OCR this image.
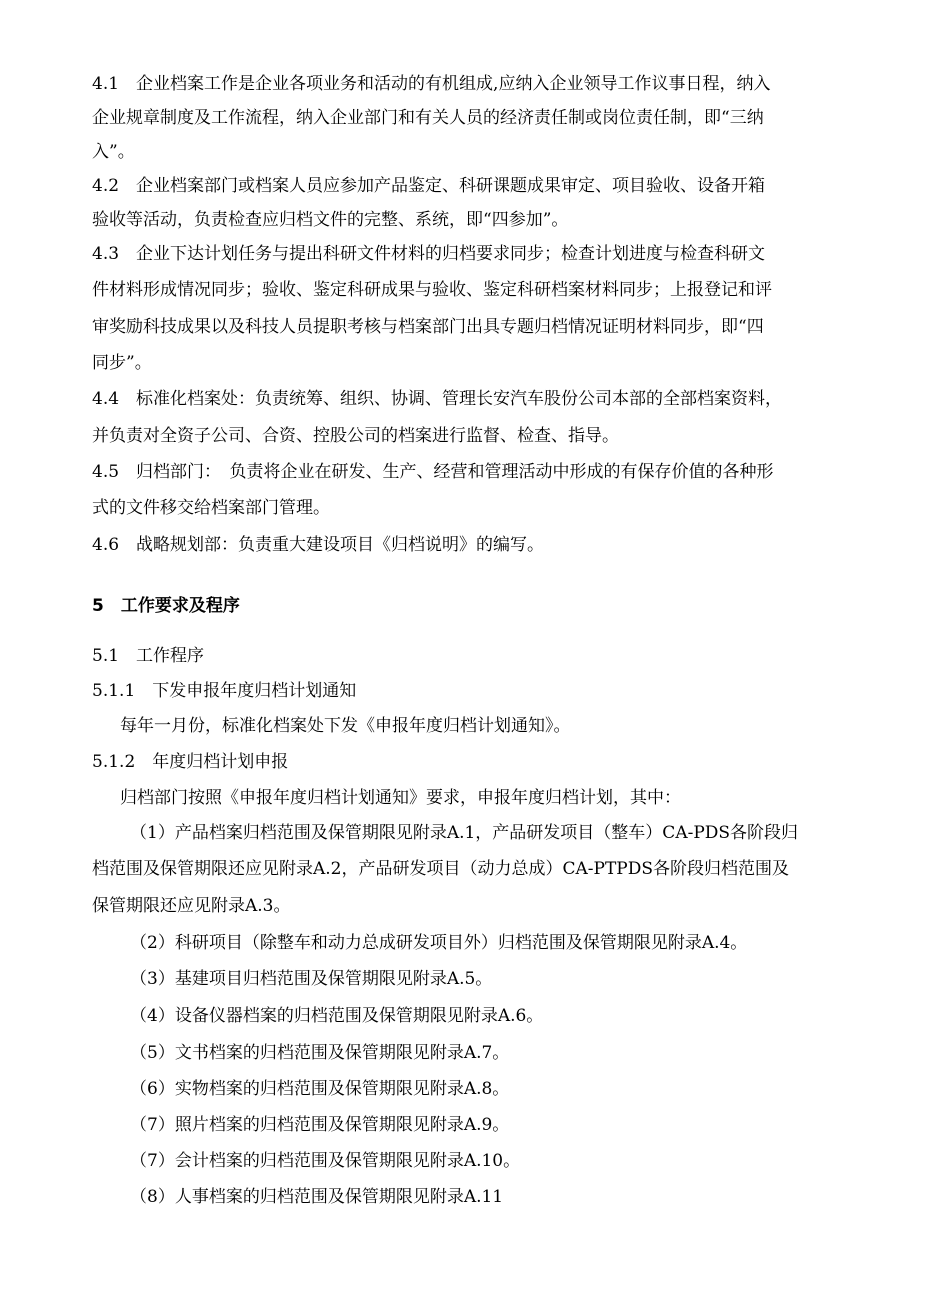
4.1　企业档案工作是企业各项业务和活动的有机组成,应纳入企业领导工作议事日程，纳入
企业规章制度及工作流程，纳入企业部门和有关人员的经济责任制或岗位责任制，即“三纳
入”。
4.2　企业档案部门或档案人员应参加产品鉴定、科研课题成果审定、项目验收、设备开箱
验收等活动，负责检查应归档文件的完整、系统，即“四参加”。
4.3　企业下达计划任务与提出科研文件材料的归档要求同步；检查计划进度与检查科研文
件材料形成情况同步；验收、鉴定科研成果与验收、鉴定科研档案材料同步；上报登记和评
审奖励科技成果以及科技人员提职考核与档案部门出具专题归档情况证明材料同步，即“四
同步”。
4.4　标准化档案处：负责统筹、组织、协调、管理长安汽车股份公司本部的全部档案资料，
并负责对全资子公司、合资、控股公司的档案进行监督、检查、指导。
4.5　归档部门：　负责将企业在研发、生产、经营和管理活动中形成的有保存价值的各种形
式的文件移交给档案部门管理。
4.6　战略规划部：负责重大建设项目《归档说明》的编写。
5　工作要求及程序
5.1　工作程序
5.1.1　下发申报年度归档计划通知
每年一月份，标准化档案处下发《申报年度归档计划通知》。
5.1.2　年度归档计划申报
归档部门按照《申报年度归档计划通知》要求，申报年度归档计划，其中：
（1）产品档案归档范围及保管期限见附录A.1，产品研发项目（整车）CA-PDS各阶段归
档范围及保管期限还应见附录A.2，产品研发项目（动力总成）CA-PTPDS各阶段归档范围及
保管期限还应见附录A.3。
（2）科研项目（除整车和动力总成研发项目外）归档范围及保管期限见附录A.4。
（3）基建项目归档范围及保管期限见附录A.5。
（4）设备仪器档案的归档范围及保管期限见附录A.6。
（5）文书档案的归档范围及保管期限见附录A.7。
（6）实物档案的归档范围及保管期限见附录A.8。
（7）照片档案的归档范围及保管期限见附录A.9。
（7）会计档案的归档范围及保管期限见附录A.10。
（8）人事档案的归档范围及保管期限见附录A.11
